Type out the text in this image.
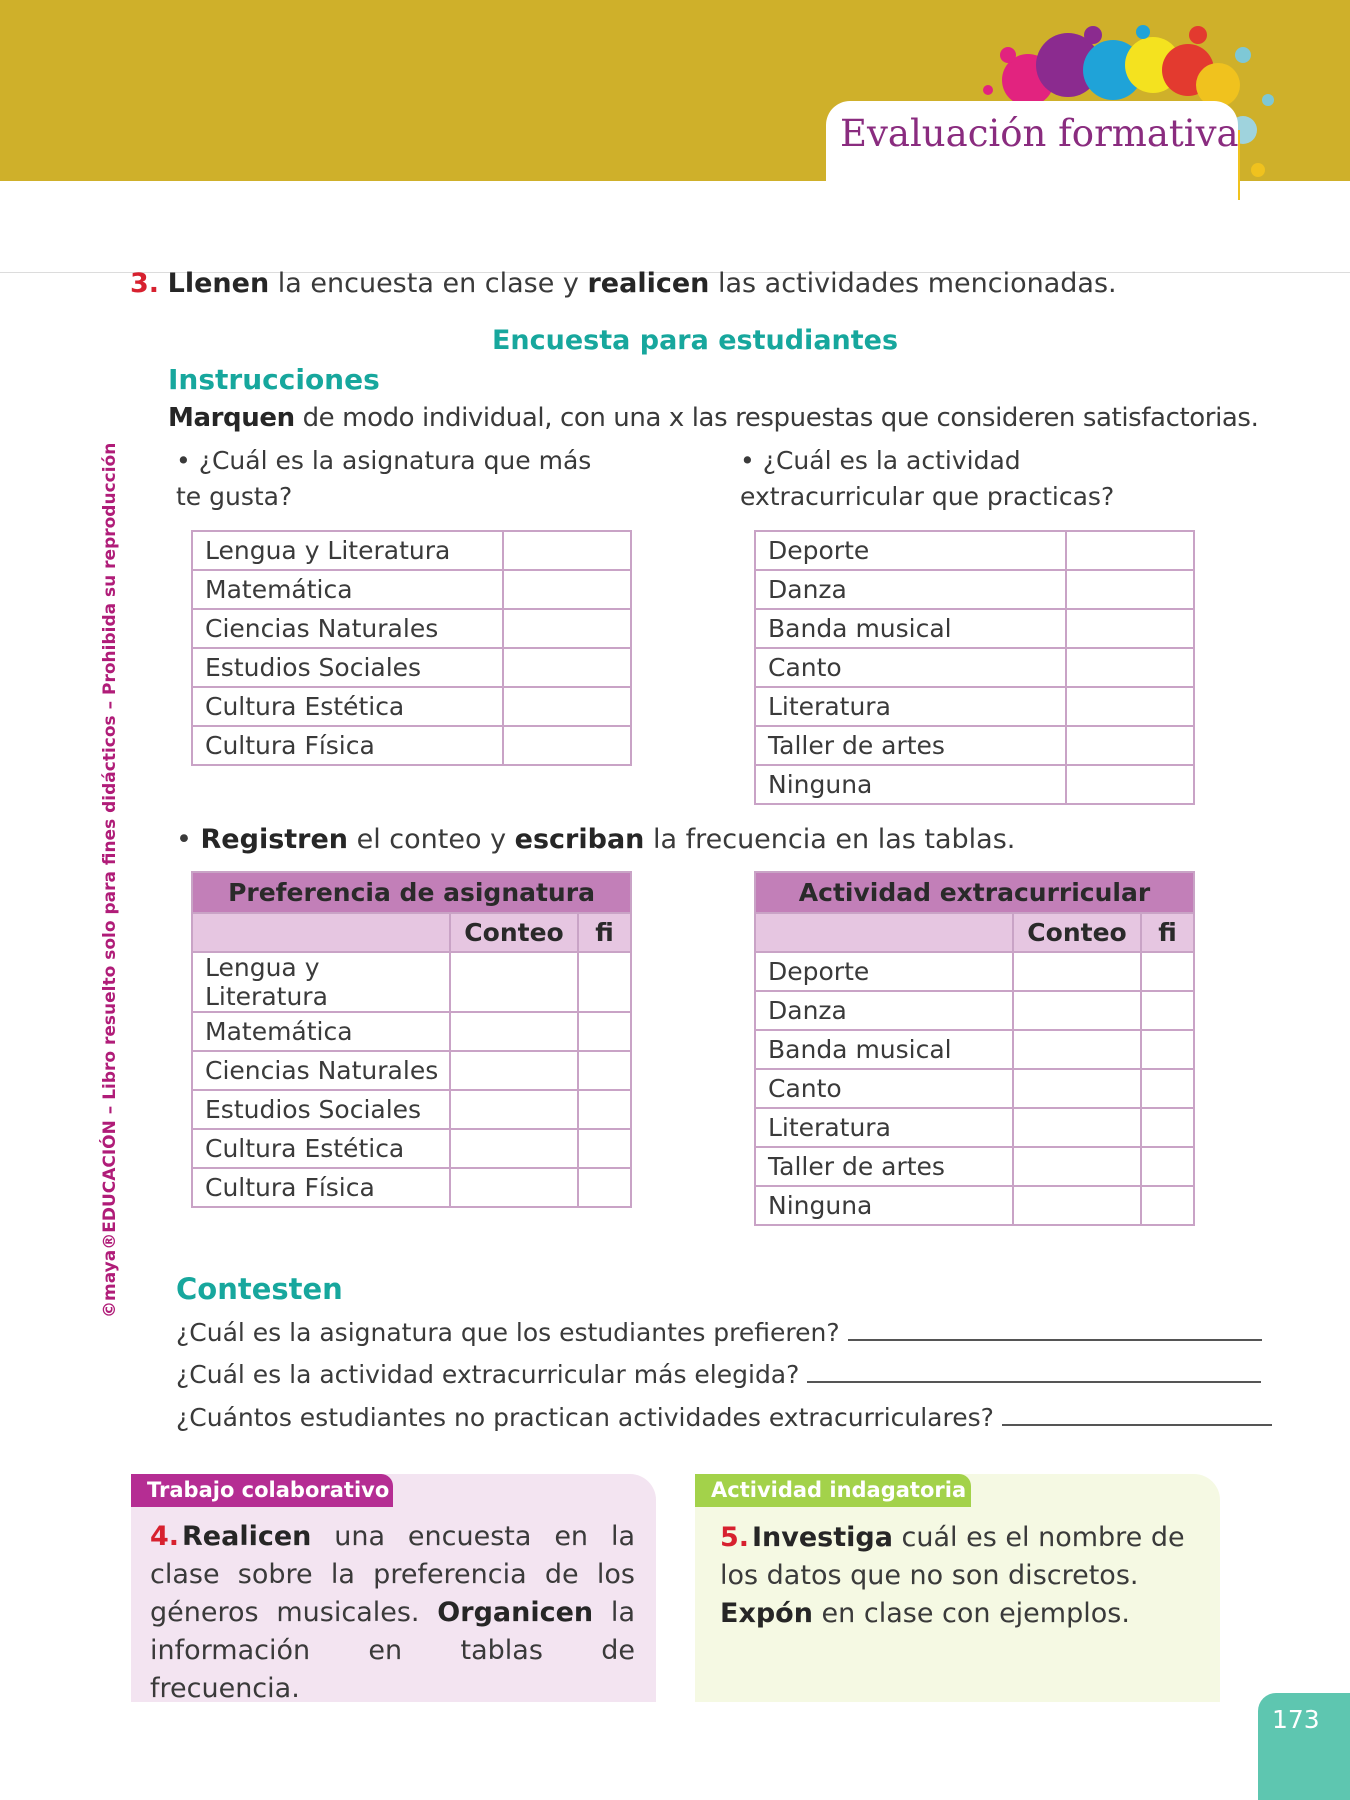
Evaluación formativa
©maya®EDUCACIÓN – Libro resuelto solo para fines didácticos – Prohibida su reproducción
3. Llenen la encuesta en clase y realicen las actividades mencionadas.
Encuesta para estudiantes
Instrucciones
Marquen de modo individual, con una x las respuestas que consideren satisfactorias.
• ¿Cuál es la asignatura que más te gusta?
• ¿Cuál es la actividad extracurricular que practicas?
Lengua y Literatura	
Matemática	
Ciencias Naturales	
Estudios Sociales	
Cultura Estética	
Cultura Física	
Deporte	
Danza	
Banda musical	
Canto	
Literatura	
Taller de artes	
Ninguna	
• Registren el conteo y escriban la frecuencia en las tablas.
Preferencia de asignatura		
	Conteo	fi
Lengua y Literatura		
Matemática		
Ciencias Naturales		
Estudios Sociales		
Cultura Estética		
Cultura Física		
Actividad extracurricular		
	Conteo	fi
Deporte		
Danza		
Banda musical		
Canto		
Literatura		
Taller de artes		
Ninguna		
Contesten
¿Cuál es la asignatura que los estudiantes prefieren?
¿Cuál es la actividad extracurricular más elegida?
¿Cuántos estudiantes no practican actividades extracurriculares?
Trabajo colaborativo
4. Realicen una encuesta en la clase sobre la preferencia de los géneros musicales. Organicen la información en tablas de frecuencia.
Actividad indagatoria
5. Investiga cuál es el nombre de los datos que no son discretos. Expón en clase con ejemplos.
173
